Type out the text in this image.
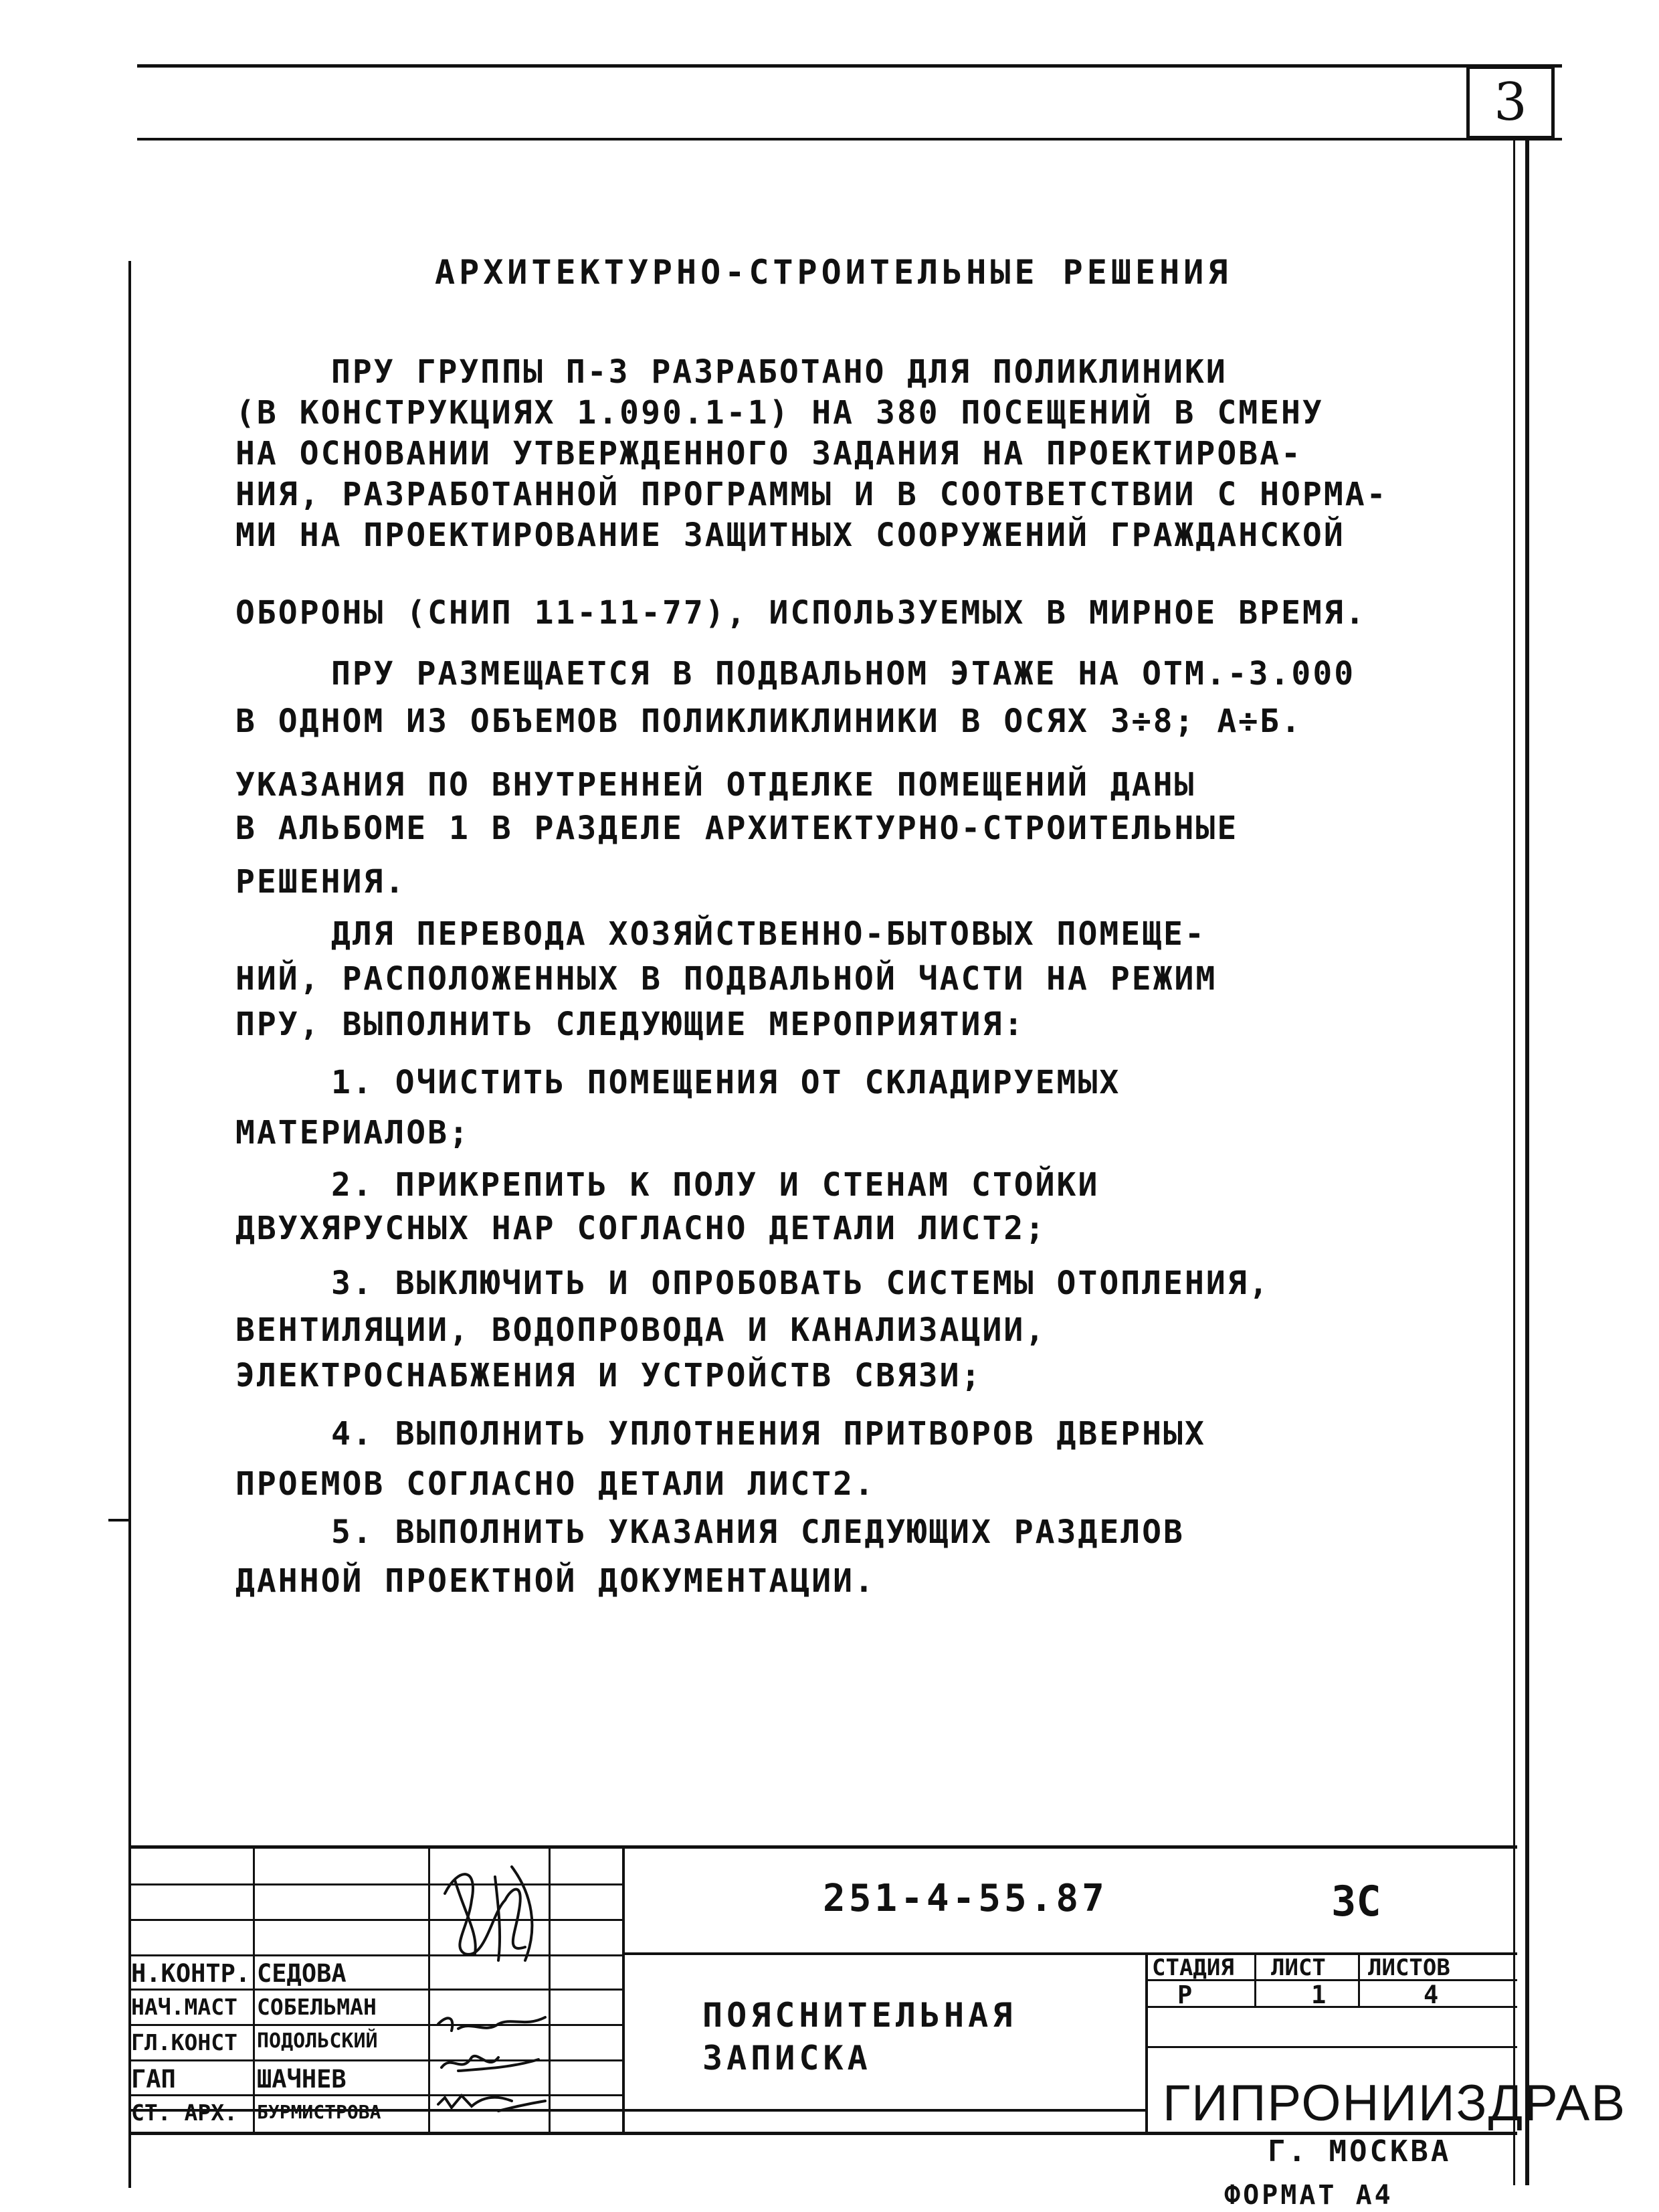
3
АРХИТЕКТУРНО-СТРОИТЕЛЬНЫЕ РЕШЕНИЯ
ПРУ ГРУППЫ П-3 РАЗРАБОТАНО ДЛЯ ПОЛИКЛИНИКИ
(В КОНСТРУКЦИЯХ 1.090.1-1) НА 380 ПОСЕЩЕНИЙ В СМЕНУ
НА ОСНОВАНИИ УТВЕРЖДЕННОГО ЗАДАНИЯ НА ПРОЕКТИРОВА-
НИЯ, РАЗРАБОТАННОЙ ПРОГРАММЫ И В СООТВЕТСТВИИ С НОРМА-
МИ НА ПРОЕКТИРОВАНИЕ ЗАЩИТНЫХ СООРУЖЕНИЙ ГРАЖДАНСКОЙ
ОБОРОНЫ (СНИП 11-11-77), ИСПОЛЬЗУЕМЫХ В МИРНОЕ ВРЕМЯ.
ПРУ РАЗМЕЩАЕТСЯ В ПОДВАЛЬНОМ ЭТАЖЕ НА ОТМ.-3.000
В ОДНОМ ИЗ ОБЪЕМОВ ПОЛИКЛИКЛИНИКИ В ОСЯХ 3÷8; А÷Б.
УКАЗАНИЯ ПО ВНУТРЕННЕЙ ОТДЕЛКЕ ПОМЕЩЕНИЙ ДАНЫ
В АЛЬБОМЕ 1 В РАЗДЕЛЕ АРХИТЕКТУРНО-СТРОИТЕЛЬНЫЕ
РЕШЕНИЯ.
ДЛЯ ПЕРЕВОДА ХОЗЯЙСТВЕННО-БЫТОВЫХ ПОМЕЩЕ-
НИЙ, РАСПОЛОЖЕННЫХ В ПОДВАЛЬНОЙ ЧАСТИ НА РЕЖИМ
ПРУ, ВЫПОЛНИТЬ СЛЕДУЮЩИЕ МЕРОПРИЯТИЯ:
1. ОЧИСТИТЬ ПОМЕЩЕНИЯ ОТ СКЛАДИРУЕМЫХ
МАТЕРИАЛОВ;
2. ПРИКРЕПИТЬ К ПОЛУ И СТЕНАМ СТОЙКИ
ДВУХЯРУСНЫХ НАР СОГЛАСНО ДЕТАЛИ ЛИСТ2;
3. ВЫКЛЮЧИТЬ И ОПРОБОВАТЬ СИСТЕМЫ ОТОПЛЕНИЯ,
ВЕНТИЛЯЦИИ, ВОДОПРОВОДА И КАНАЛИЗАЦИИ,
ЭЛЕКТРОСНАБЖЕНИЯ И УСТРОЙСТВ СВЯЗИ;
4. ВЫПОЛНИТЬ УПЛОТНЕНИЯ ПРИТВОРОВ ДВЕРНЫХ
ПРОЕМОВ СОГЛАСНО ДЕТАЛИ ЛИСТ2.
5. ВЫПОЛНИТЬ УКАЗАНИЯ СЛЕДУЮЩИХ РАЗДЕЛОВ
ДАННОЙ ПРОЕКТНОЙ ДОКУМЕНТАЦИИ.
Н.КОНТР. СЕДОВА
НАЧ.МАСТ СОБЕЛЬМАН
ГЛ.КОНСТ ПОДОЛЬСКИЙ
ГАП	ШАЧНЕВ
СТ. АРХ. БУРМИСТРОВА
251-4-55.87	3С
ПОЯСНИТЕЛЬНАЯ
ЗАПИСКА
СТАДИЯ ЛИСТ ЛИСТОВ
Р	1	4
ГИПРОНИИЗДРАВ
Г. МОСКВА
ФОРМАТ А4
